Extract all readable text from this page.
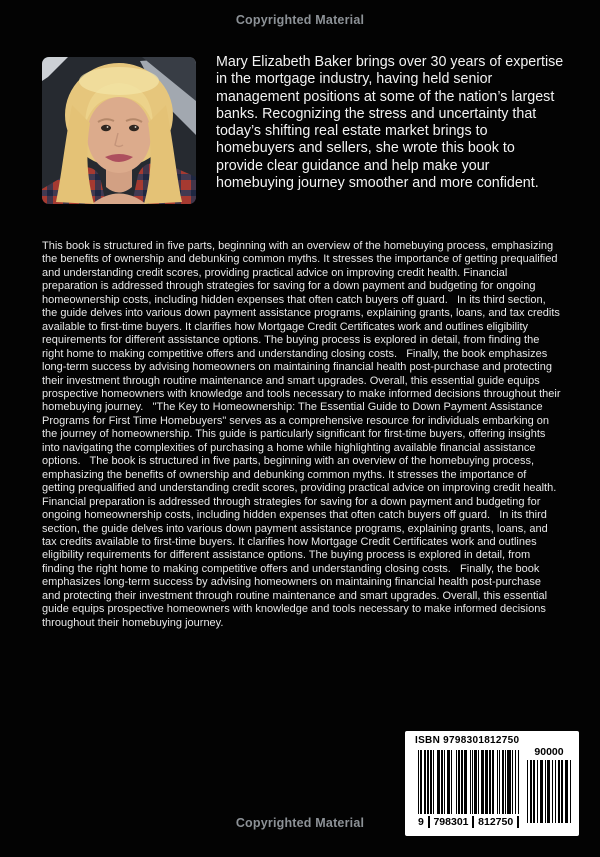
Copyrighted Material
Mary Elizabeth Baker brings over 30 years of expertise in the mortgage industry, having held senior management positions at some of the nation’s largest banks. Recognizing the stress and uncertainty that today’s shifting real estate market brings to homebuyers and sellers, she wrote this book to provide clear guidance and help make your homebuying journey smoother and more confident.
This book is structured in five parts, beginning with an overview of the homebuying process, emphasizing the benefits of ownership and debunking common myths. It stresses the importance of getting prequalified and understanding credit scores, providing practical advice on improving credit health. Financial preparation is addressed through strategies for saving for a down payment and budgeting for ongoing homeownership costs, including hidden expenses that often catch buyers off guard.   In its third section, the guide delves into various down payment assistance programs, explaining grants, loans, and tax credits available to first-time buyers. It clarifies how Mortgage Credit Certificates work and outlines eligibility requirements for different assistance options. The buying process is explored in detail, from finding the right home to making competitive offers and understanding closing costs.   Finally, the book emphasizes long-term success by advising homeowners on maintaining financial health post-purchase and protecting their investment through routine maintenance and smart upgrades. Overall, this essential guide equips prospective homeowners with knowledge and tools necessary to make informed decisions throughout their homebuying journey.   "The Key to Homeownership: The Essential Guide to Down Payment Assistance Programs for First Time Homebuyers" serves as a comprehensive resource for individuals embarking on the journey of homeownership. This guide is particularly significant for first-time buyers, offering insights into navigating the complexities of purchasing a home while highlighting available financial assistance options.   The book is structured in five parts, beginning with an overview of the homebuying process, emphasizing the benefits of ownership and debunking common myths. It stresses the importance of getting prequalified and understanding credit scores, providing practical advice on improving credit health. Financial preparation is addressed through strategies for saving for a down payment and budgeting for ongoing homeownership costs, including hidden expenses that often catch buyers off guard.   In its third section, the guide delves into various down payment assistance programs, explaining grants, loans, and tax credits available to first-time buyers. It clarifies how Mortgage Credit Certificates work and outlines eligibility requirements for different assistance options. The buying process is explored in detail, from finding the right home to making competitive offers and understanding closing costs.   Finally, the book emphasizes long-term success by advising homeowners on maintaining financial health post-purchase and protecting their investment through routine maintenance and smart upgrades. Overall, this essential guide equips prospective homeowners with knowledge and tools necessary to make informed decisions throughout their homebuying journey.
ISBN 9798301812750
9 798301 812750
90000
Copyrighted Material
